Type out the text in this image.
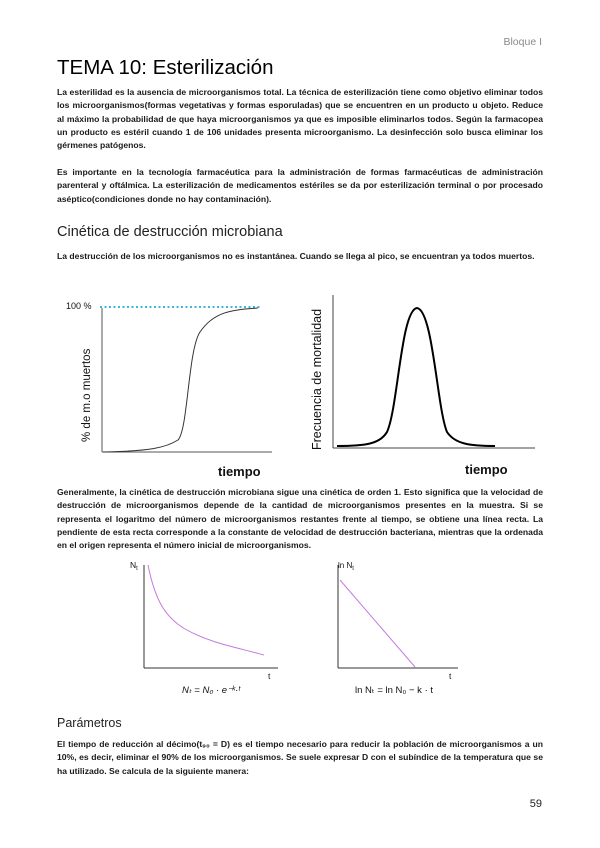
Bloque I
TEMA 10: Esterilización

La esterilidad es la ausencia de microorganismos total. La técnica de esterilización tiene como objetivo eliminar todos los microorganismos(formas vegetativas y formas esporuladas) que se encuentren en un producto u objeto. Reduce al máximo la probabilidad de que haya microorganismos ya que es imposible eliminarlos todos. Según la farmacopea un producto es estéril cuando 1 de 106 unidades presenta microorganismo. La desinfección solo busca eliminar los gérmenes patógenos.

Es importante en la tecnología farmacéutica para la administración de formas farmacéuticas de administración parenteral y oftálmica. La esterilización de medicamentos estériles se da por esterilización terminal o por procesado aséptico(condiciones donde no hay contaminación).

Cinética de destrucción microbiana

La destrucción de los microorganismos no es instantánea. Cuando se llega al pico, se encuentran ya todos muertos.

100 %
% de m.o muertos
tiempo
Frecuencia de mortalidad
tiempo

Generalmente, la cinética de destrucción microbiana sigue una cinética de orden 1. Esto significa que la velocidad de destrucción de microorganismos depende de la cantidad de microorganismos presentes en la muestra. Si se representa el logaritmo del número de microorganismos restantes frente al tiempo, se obtiene una línea recta. La pendiente de esta recta corresponde a la constante de velocidad de destrucción bacteriana, mientras que la ordenada en el origen representa el número inicial de microorganismos.

$N_t$
t
Nₜ = N₀ · e⁻ᵏ·ᵗ
$\ln N_t$
t
ln Nₜ = ln N₀ − k · t
Parámetros

El tiempo de reducción al décimo(t₉₀ = D) es el tiempo necesario para reducir la población de microorganismos a un 10%, es decir, eliminar el 90% de los microorganismos. Se suele expresar D con el subíndice de la temperatura que se ha utilizado. Se calcula de la siguiente manera:

59
